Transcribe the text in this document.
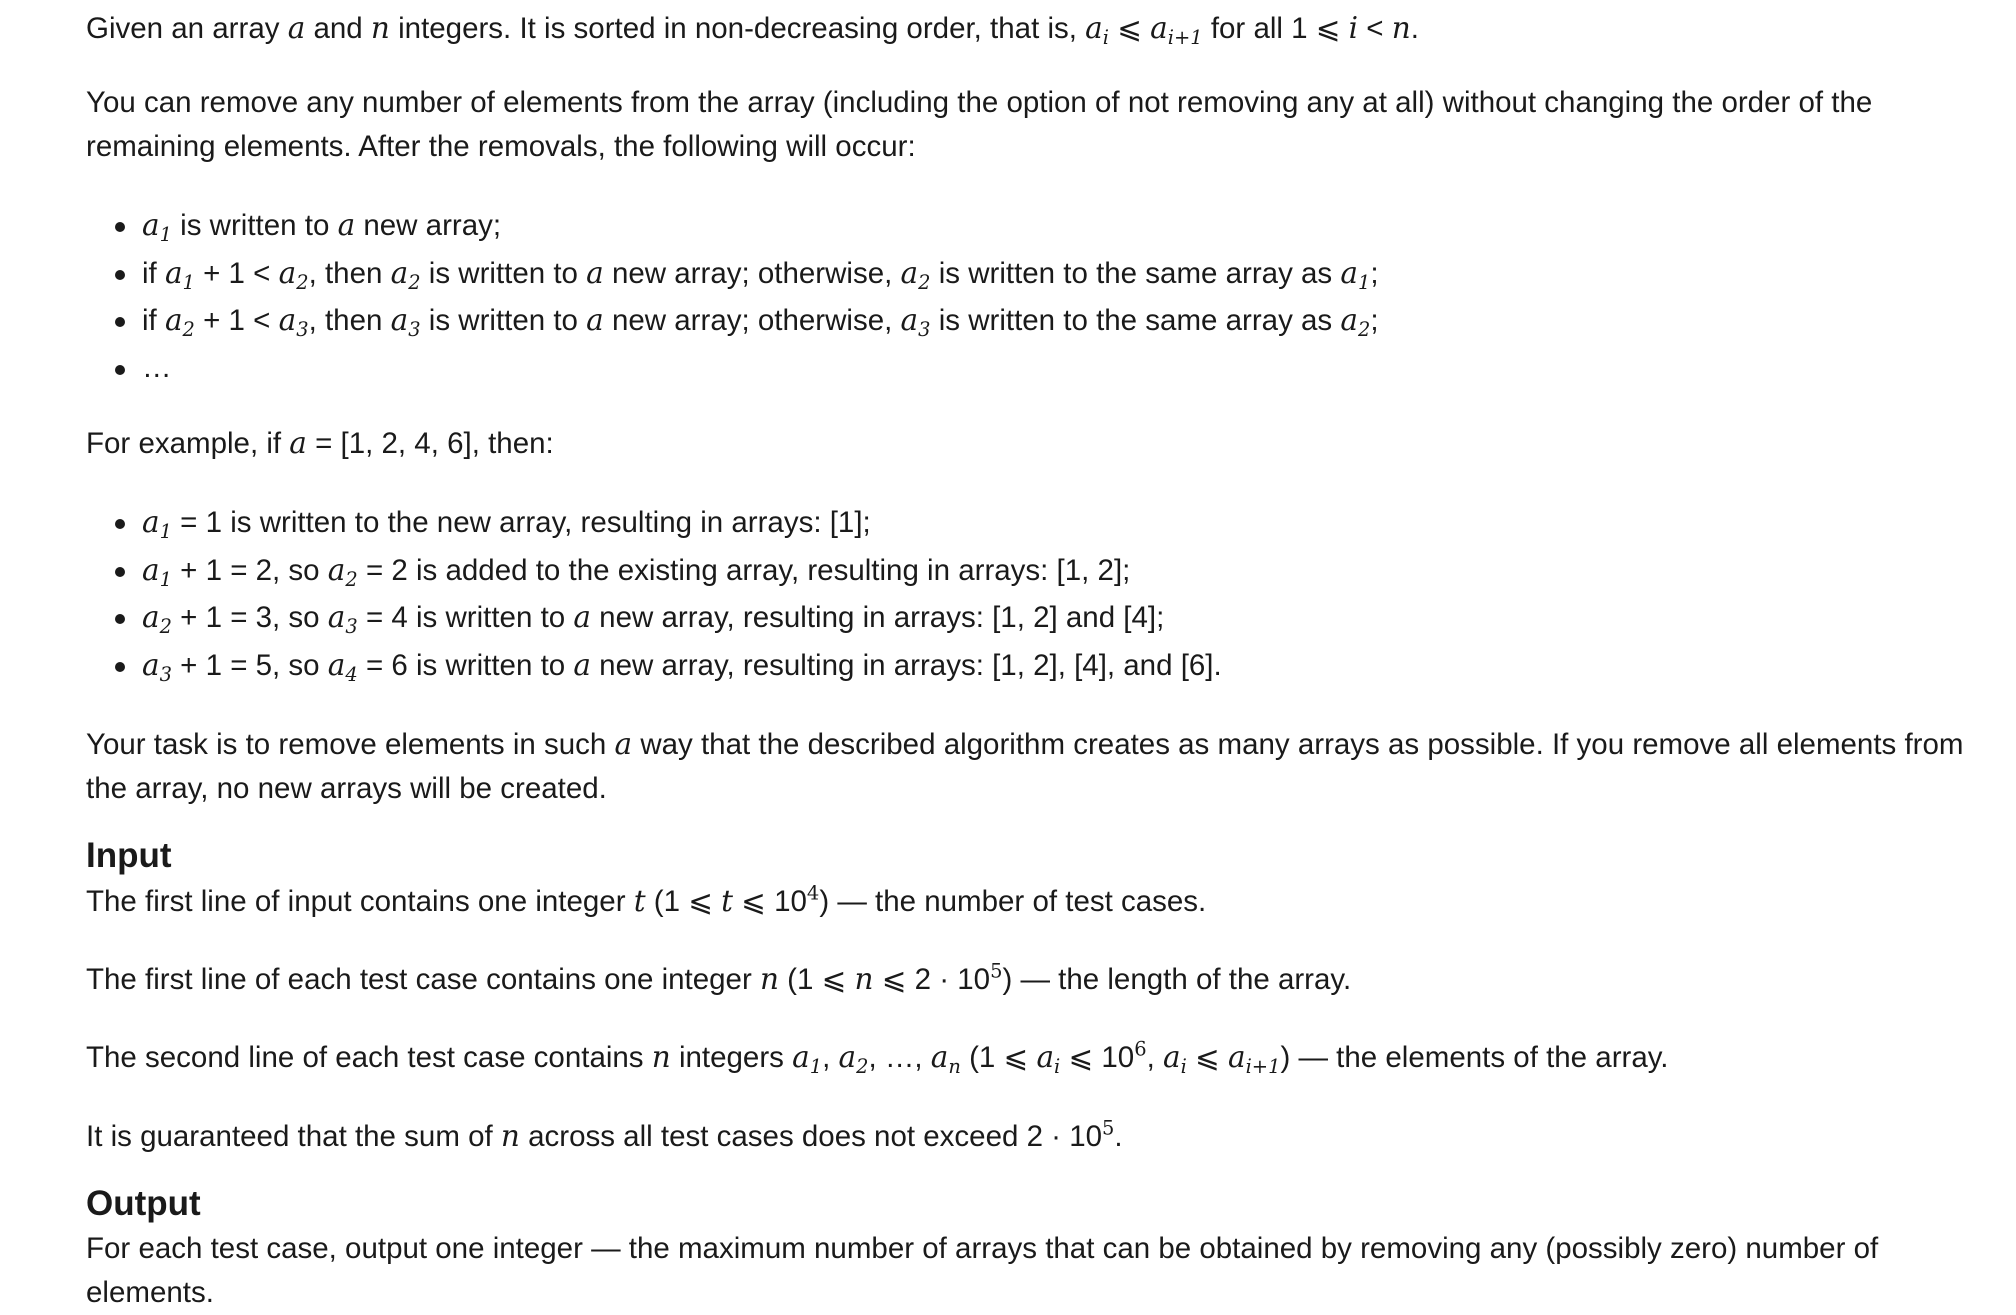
Given an array a and n integers. It is sorted in non-decreasing order, that is, $a_i$ ⩽ $a_{i+1}$ for all 1 ⩽ i < n.

You can remove any number of elements from the array (including the option of not removing any at all) without changing the order of the remaining elements. After the removals, the following will occur:

$a_1$ is written to a new array;
if $a_1 + 1 < a_2$, then $a_2$ is written to a new array; otherwise, $a_2$ is written to the same array as $a_1$;
if $a_2 + 1 < a_3$, then $a_3$ is written to a new array; otherwise, $a_3$ is written to the same array as $a_2$;
…

For example, if a = [1, 2, 4, 6], then:

$a_1 = 1$ is written to the new array, resulting in arrays: [1];
$a_1 + 1 = 2$, so $a_2 = 2$ is added to the existing array, resulting in arrays: [1, 2];
$a_2 + 1 = 3$, so $a_3 = 4$ is written to a new array, resulting in arrays: [1, 2] and [4];
$a_3 + 1 = 5$, so $a_4 = 6$ is written to a new array, resulting in arrays: [1, 2], [4], and [6].

Your task is to remove elements in such a way that the described algorithm creates as many arrays as possible. If you remove all elements from the array, no new arrays will be created.

Input

The first line of input contains one integer t (1 ⩽ t ⩽ $10^4$) — the number of test cases.

The first line of each test case contains one integer n (1 ⩽ n ⩽ $2 \cdot 10^5$) — the length of the array.

The second line of each test case contains n integers $a_1$, $a_2$, …, $a_n$ (1 ⩽ $a_i$ ⩽ $10^6$, $a_i$ ⩽ $a_{i+1}$) — the elements of the array.

It is guaranteed that the sum of n across all test cases does not exceed $2 \cdot 10^5$.

Output

For each test case, output one integer — the maximum number of arrays that can be obtained by removing any (possibly zero) number of elements.
